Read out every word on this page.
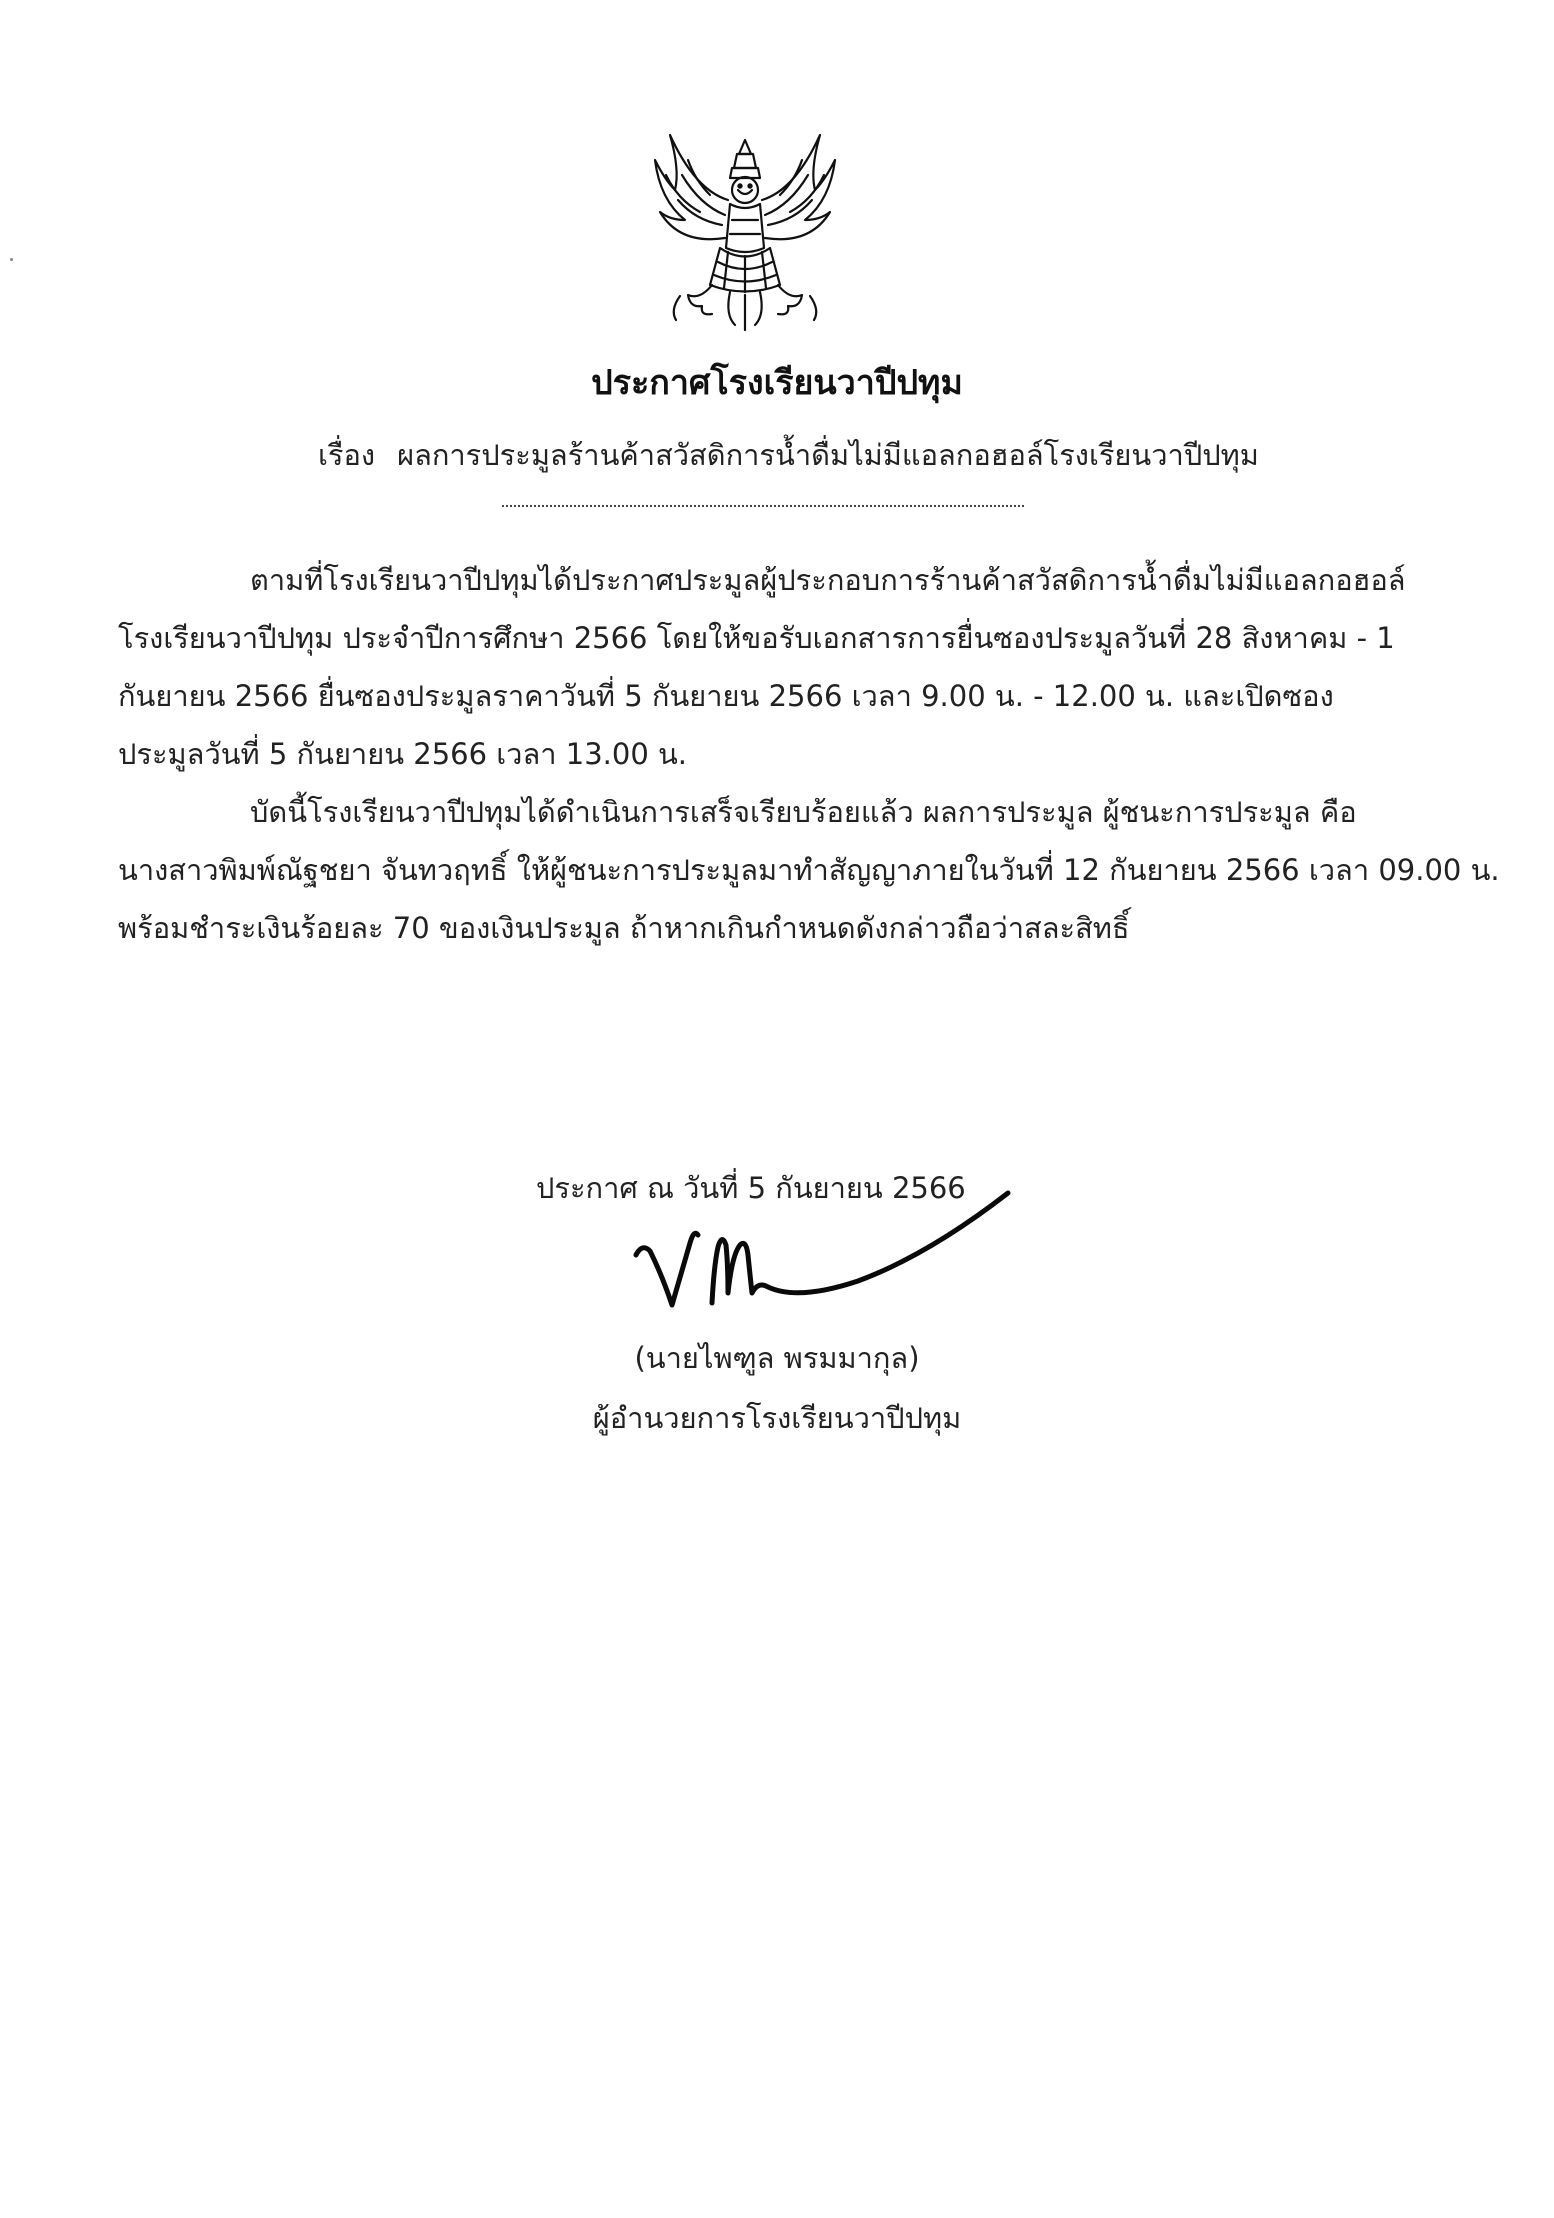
ประกาศโรงเรียนวาปีปทุม
เรื่อง ผลการประมูลร้านค้าสวัสดิการน้ำดื่มไม่มีแอลกอฮอล์โรงเรียนวาปีปทุม
ตามที่โรงเรียนวาปีปทุมได้ประกาศประมูลผู้ประกอบการร้านค้าสวัสดิการน้ำดื่มไม่มีแอลกอฮอล์
โรงเรียนวาปีปทุม ประจำปีการศึกษา 2566 โดยให้ขอรับเอกสารการยื่นซองประมูลวันที่ 28 สิงหาคม - 1
กันยายน 2566 ยื่นซองประมูลราคาวันที่ 5 กันยายน 2566 เวลา 9.00 น. - 12.00 น. และเปิดซอง
ประมูลวันที่ 5 กันยายน 2566 เวลา 13.00 น.
บัดนี้โรงเรียนวาปีปทุมได้ดำเนินการเสร็จเรียบร้อยแล้ว ผลการประมูล ผู้ชนะการประมูล คือ
นางสาวพิมพ์ณัฐชยา จันทวฤทธิ์ ให้ผู้ชนะการประมูลมาทำสัญญาภายในวันที่ 12 กันยายน 2566 เวลา 09.00 น.
พร้อมชำระเงินร้อยละ 70 ของเงินประมูล ถ้าหากเกินกำหนดดังกล่าวถือว่าสละสิทธิ์
ประกาศ ณ วันที่ 5 กันยายน 2566
(นายไพฑูล พรมมากุล)
ผู้อำนวยการโรงเรียนวาปีปทุม
